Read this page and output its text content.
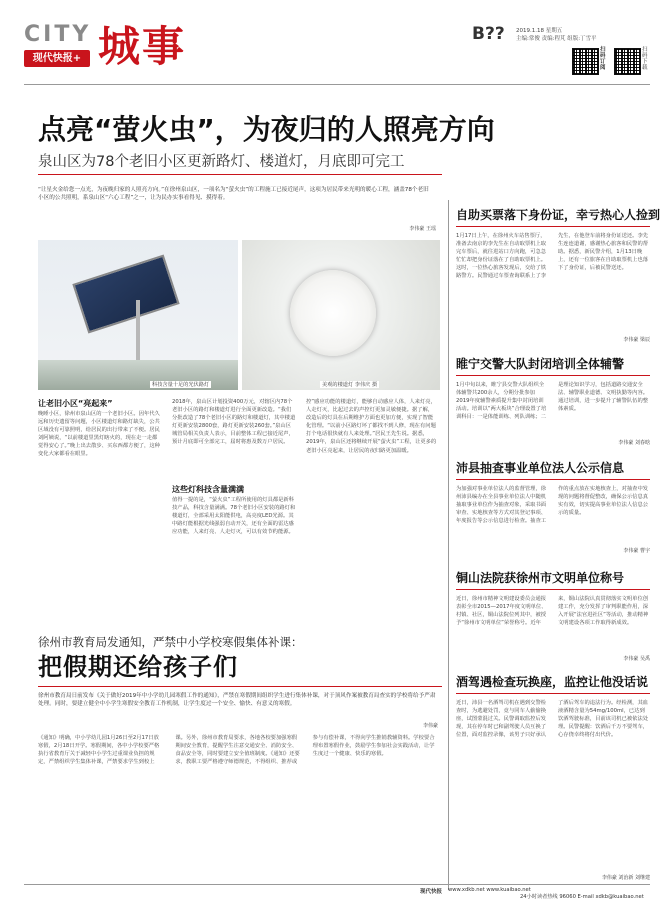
CITY
现代快报+ 城事	B?? 2019.1.18 星期五
主编:常俊 责编:程芃 组版:丁雪平
扫码订阅
扫码下载
点亮“萤火虫”，为夜归的人照亮方向
泉山区为78个老旧小区更新路灯、楼道灯，月底即可完工
“让星火金给您一点光，为夜晚归家的人照亮方向。”在徐州泉山区，一项名为“萤火虫”的工程施工已接近尾声，这项为居民带来光明的暖心工程，涵盖78个老旧小区的公共照明，系泉山区“六心工程”之一，让为民办实事看得见、摸得着。
李伟豪 王瑶
科技含量十足的光伏路灯	美观的楼道灯 李伟庆 摄
让老旧小区“亮起来”
晚睡小区，徐州市泉山区的一个老旧小区。因年代久远和历史遗留等问题，小区楼道灯和路灯缺失，公共区域没有可靠照明，给居民的出行带来了不便。居民刘阿姨说，“以前楼道里黑灯瞎火的，现在走一走都觉得安心了。”晚上出去散步、买东西都方便了，这种变化大家都看在眼里。
2018年，泉山区计划投资400万元，对辖区内78个老旧小区的路灯和楼道灯进行全面更新改造。“我们分批改造了78个老旧小区的路灯和楼道灯，其中楼道灯更新安装2800套，路灯更新安装260套。”泉山区城管局相关负责人表示，目前整体工程已接近尾声，预计月底即可全部完工，届时将惠及数万户居民。
这些灯科技含量满满
值得一提的是，“萤火虫”工程所使用的灯具都是新科技产品，科技含量满满。78个老旧小区安装的路灯和楼道灯，全部采用太阳能供电，高亮度LED光源。其中路灯能根据光线强弱自动开关，还有全面的雷达感应功能，人来灯亮、人走灯灭，可以有效节约能源。
控”感应功能的楼道灯，能够自动感应人体，人来灯亮，人走灯灭，比起过去的声控灯更加灵敏便捷。据了解，改造后的灯具在后期维护方面也更加方便，实现了智能化管理。“以前小区路灯坏了都找不到人修，现在有问题打个电话很快就有人来处理。”居民王先生说。据悉，2019年，泉山区还将继续开展“萤火虫”工程，让更多的老旧小区亮起来，让居民的夜归路更加温暖。
徐州市教育局发通知，严禁中小学校寒假集体补课：
把假期还给孩子们
徐州市教育局日前发布《关于做好2019年中小学幼儿园寒假工作的通知》，严禁在寒假期间组织学生进行集体补课，对于顶风作案被教育局查实的学校将给予严肃处理。同时，要建立健全中小学生寒假安全教育工作机制，让学生度过一个安全、愉快、有意义的寒假。
李伟豪
《通知》明确，中小学幼儿园1月26日至2月17日放寒假，2月18日开学。寒假期间，各中小学校要严格执行省教育厅关于减轻中小学生过重课业负担的规定，严禁组织学生集体补课，严禁要求学生到校上课。另外，徐州市教育局要求，各地各校要加强寒假期间安全教育，提醒学生注意交通安全、消防安全、食品安全等，同时要建立安全值班制度。《通知》还要求，教职工要严格遵守师德规范，不得组织、推荐或参与有偿补课，不得向学生推销教辅资料。学校要合理布置寒假作业，鼓励学生参加社会实践活动，让学生度过一个健康、快乐的寒假。
自助买票落下身份证，幸亏热心人捡到
1月17日上午，在徐州火车站售票厅，准备去南京的李先生在自动取票机上取完车票后，就往进站口方向跑，可急急忙忙却把身份证落在了自助取票机上。这时，一位热心旅客发现后，交给了铁路警方。民警通过车票查询联系上了李先生，在他登车前将身份证送还。李先生连连道谢，感谢热心旅客和民警的帮助。据悉，新民警介绍，1月13日晚上，还有一位旅客在自助取票机上也落下了身份证，后被民警送还。
李伟豪 梁辰
睢宁交警大队封闭培训全体辅警
1月中旬以来，睢宁县交警大队组织全体辅警共200余人，分期分批参加2019年度辅警素质提升集中封闭培训活动。培训以“两大板块”合理设置了培训科目：一是体能训练、列队训练；二是理论知识学习，包括道路交通安全法、辅警职业道德、文明执勤等内容。通过培训，进一步提升了辅警队伍的整体素质。
李伟豪 刘春晗
沛县抽查事业单位法人公示信息
为加强对事业单位法人的监督管理，徐州沛县编办在全县事业单位法人中随机抽取事业单位作为抽查对象，采取书面审查、实地核查等方式对其登记事项、年度报告等公示信息进行检查。抽查工作的重点放在实地核查上，对抽查中发现的问题将督促整改，确保公示信息真实有效，切实提高事业单位法人信息公示的质量。
李伟豪 曹宇
铜山法院获徐州市文明单位称号
近日，徐州市精神文明建设委员会通报表彰全市2015—2017年度文明单位、村镇、社区，铜山法院位列其中，被授予“徐州市文明单位”荣誉称号。近年来，铜山法院认真贯彻落实文明单位创建工作，充分发挥了审判职能作用，深入开展“法官进社区”等活动，推动精神文明建设各项工作取得新成效。
李伟豪 吴禹
酒驾遇检查玩换座，监控让他没话说
近日，沛县一名酒驾司机在遇到交警检查时，为逃避处罚，竟与同车人偷偷换座，试图蒙混过关。民警调取监控后发现，其在停车时已和副驾驶人员互换了位置，面对监控录像，该男子只好承认了酒后驾车的违法行为。经检测，其血液酒精含量为54mg/100ml，已达到饮酒驾驶标准，目前该司机已被依法处理。民警提醒：饮酒后千万不要驾车，心存侥幸终将付出代价。
李伟豪 刘治新 刘继建
现代快报 www.xdkb.net www.kuaibao.net
24小时读者热线 96060 E-mail xdkb@kuaibao.net
